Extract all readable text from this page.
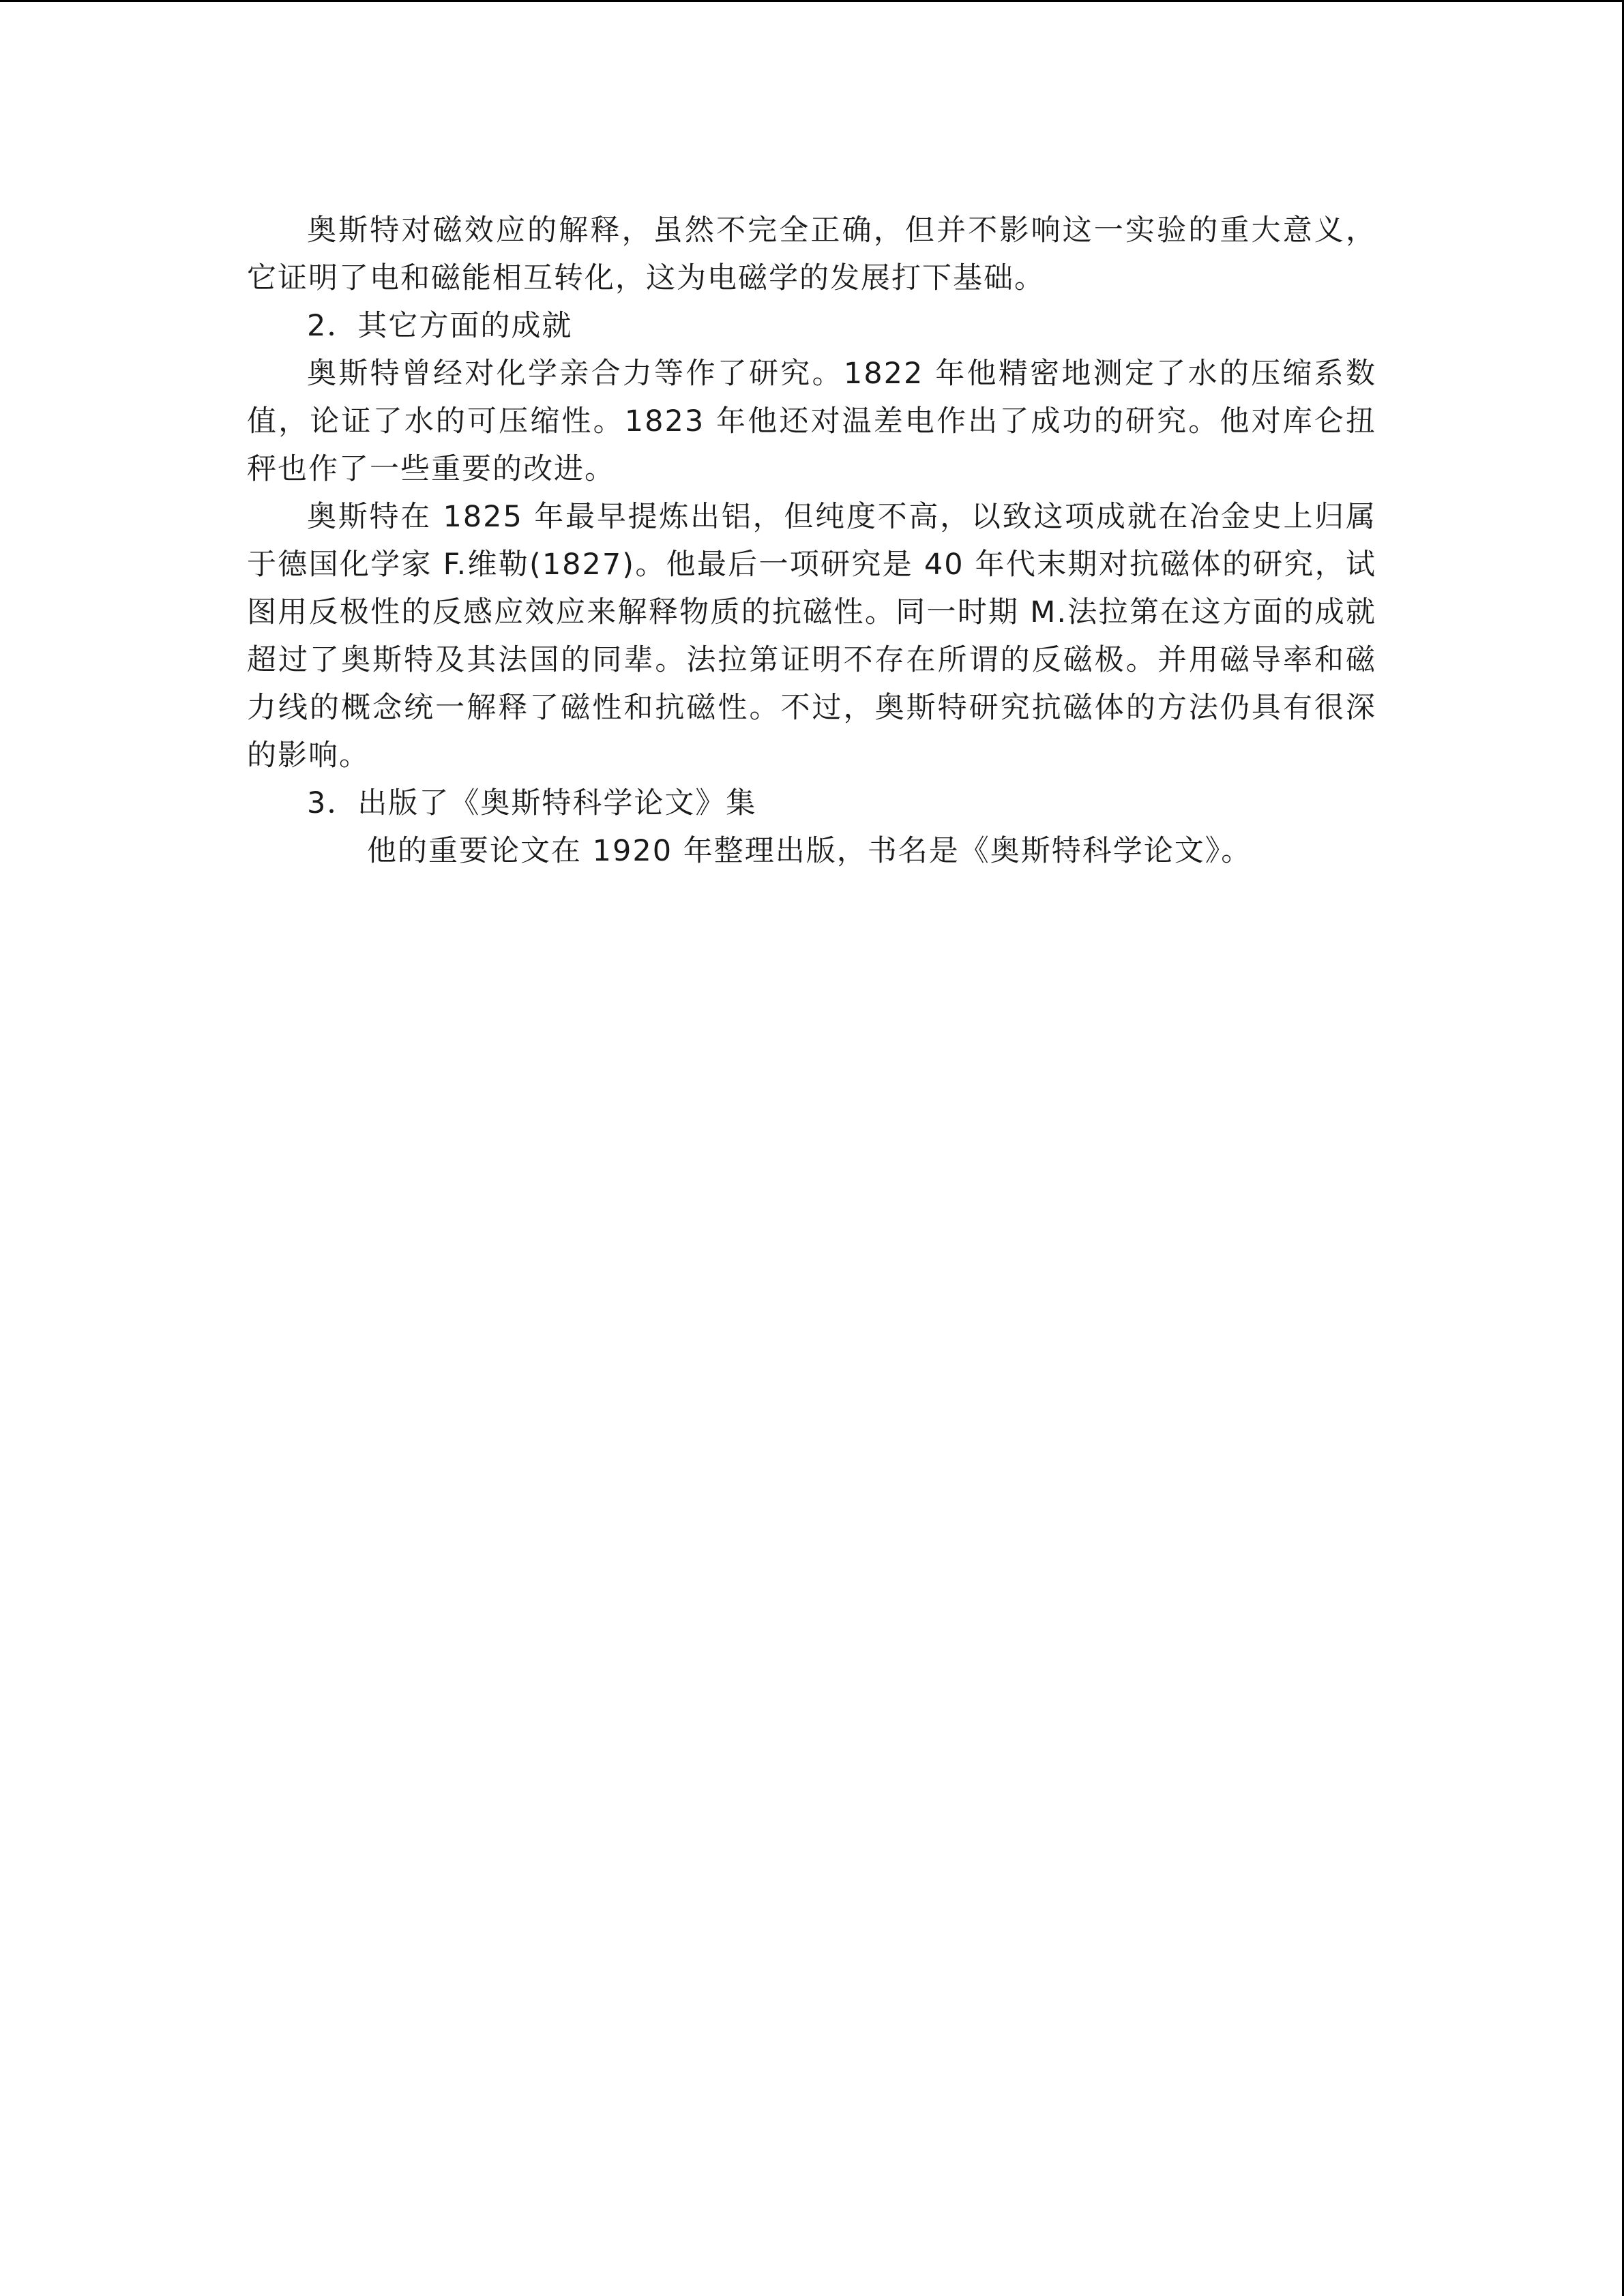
奥斯特对磁效应的解释，虽然不完全正确，但并不影响这一实验的重大意义，它证明了电和磁能相互转化，这为电磁学的发展打下基础。

2．其它方面的成就

奥斯特曾经对化学亲合力等作了研究。1822 年他精密地测定了水的压缩系数值，论证了水的可压缩性。1823 年他还对温差电作出了成功的研究。他对库仑扭秤也作了一些重要的改进。

奥斯特在 1825 年最早提炼出铝，但纯度不高，以致这项成就在冶金史上归属于德国化学家 F.维勒(1827)。他最后一项研究是 40 年代末期对抗磁体的研究，试图用反极性的反感应效应来解释物质的抗磁性。同一时期 M.法拉第在这方面的成就超过了奥斯特及其法国的同辈。法拉第证明不存在所谓的反磁极。并用磁导率和磁力线的概念统一解释了磁性和抗磁性。不过，奥斯特研究抗磁体的方法仍具有很深的影响。

3．出版了《奥斯特科学论文》集

他的重要论文在 1920 年整理出版，书名是《奥斯特科学论文》。
